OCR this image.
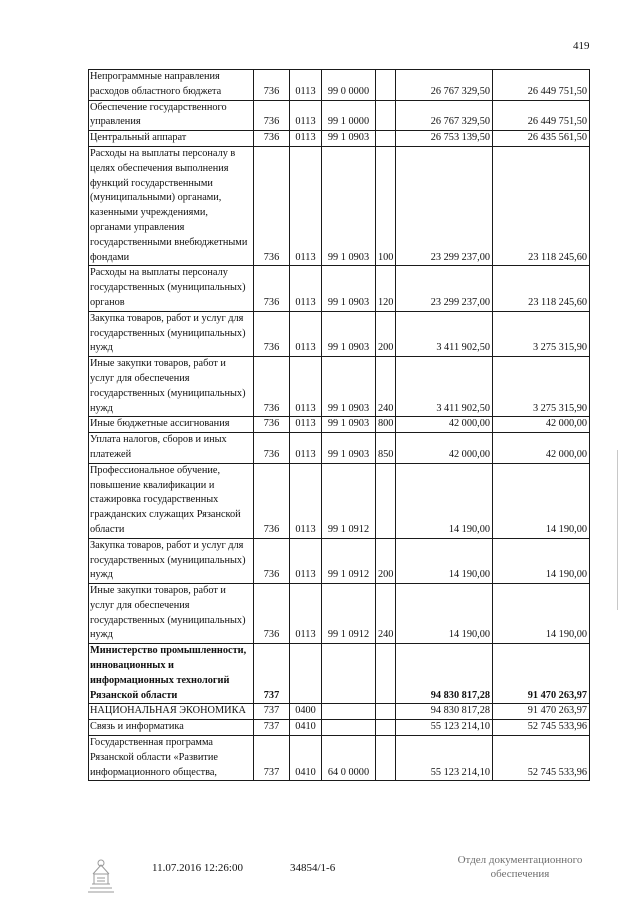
419
Непрограммные направления расходов областного бюджета	736	0113	99 0 0000		26 767 329,50	26 449 751,50
Обеспечение государственного управления	736	0113	99 1 0000		26 767 329,50	26 449 751,50
Центральный аппарат	736	0113	99 1 0903		26 753 139,50	26 435 561,50
Расходы на выплаты персоналу в целях обеспечения выполнения функций государственными (муниципальными) органами, казенными учреждениями, органами управления государственными внебюджетными фондами	736	0113	99 1 0903	100	23 299 237,00	23 118 245,60
Расходы на выплаты персоналу государственных (муниципальных) органов	736	0113	99 1 0903	120	23 299 237,00	23 118 245,60
Закупка товаров, работ и услуг для государственных (муниципальных) нужд	736	0113	99 1 0903	200	3 411 902,50	3 275 315,90
Иные закупки товаров, работ и услуг для обеспечения государственных (муниципальных) нужд	736	0113	99 1 0903	240	3 411 902,50	3 275 315,90
Иные бюджетные ассигнования	736	0113	99 1 0903	800	42 000,00	42 000,00
Уплата налогов, сборов и иных платежей	736	0113	99 1 0903	850	42 000,00	42 000,00
Профессиональное обучение, повышение квалификации и стажировка государственных гражданских служащих Рязанской области	736	0113	99 1 0912		14 190,00	14 190,00
Закупка товаров, работ и услуг для государственных (муниципальных) нужд	736	0113	99 1 0912	200	14 190,00	14 190,00
Иные закупки товаров, работ и услуг для обеспечения государственных (муниципальных) нужд	736	0113	99 1 0912	240	14 190,00	14 190,00
Министерство промышленности, инновационных и информационных технологий Рязанской области	737				94 830 817,28	91 470 263,97
НАЦИОНАЛЬНАЯ ЭКОНОМИКА	737	0400			94 830 817,28	91 470 263,97
Связь и информатика	737	0410			55 123 214,10	52 745 533,96
Государственная программа Рязанской области «Развитие информационного общества,	737	0410	64 0 0000		55 123 214,10	52 745 533,96
11.07.2016 12:26:00	34854/1-6
Отдел документационного обеспечения
